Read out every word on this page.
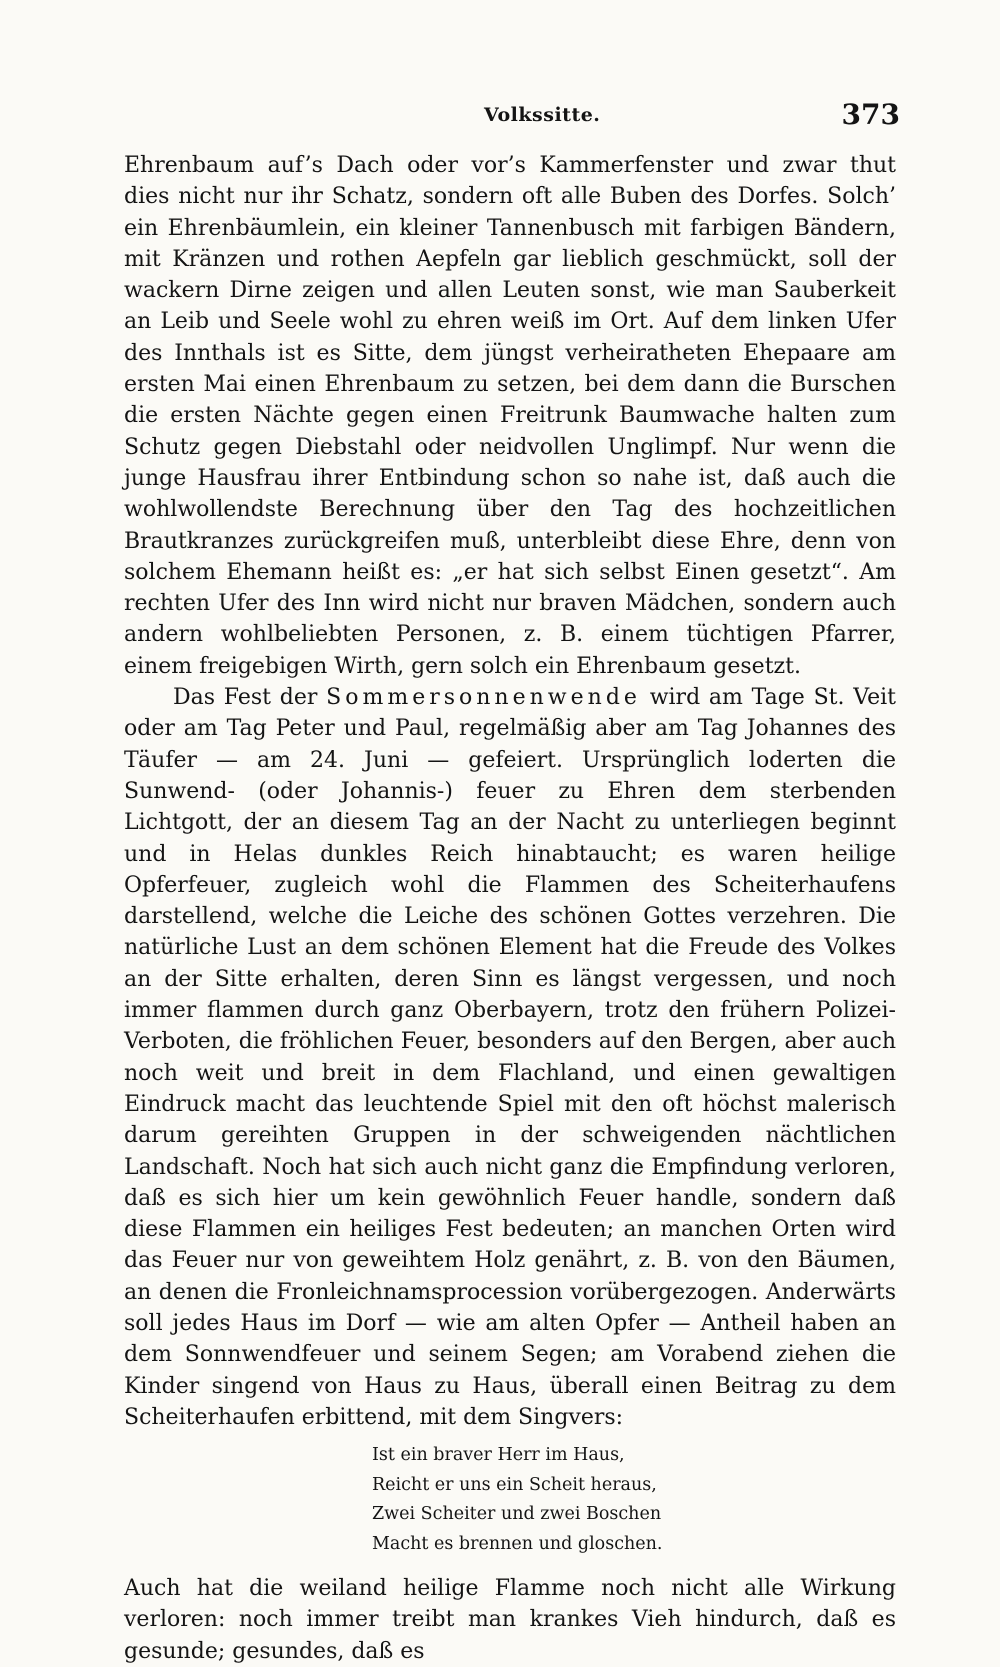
Volkssitte.	373

Ehrenbaum auf’s Dach oder vor’s Kammerfenster und zwar thut dies nicht nur ihr Schatz, sondern oft alle Buben des Dorfes. Solch’ ein Ehrenbäumlein, ein kleiner Tannenbusch mit farbigen Bändern, mit Kränzen und rothen Aepfeln gar lieblich geschmückt, soll der wackern Dirne zeigen und allen Leuten sonst, wie man Sauberkeit an Leib und Seele wohl zu ehren weiß im Ort. Auf dem linken Ufer des Innthals ist es Sitte, dem jüngst verheiratheten Ehepaare am ersten Mai einen Ehrenbaum zu setzen, bei dem dann die Burschen die ersten Nächte gegen einen Freitrunk Baumwache halten zum Schutz gegen Diebstahl oder neidvollen Unglimpf. Nur wenn die junge Hausfrau ihrer Entbindung schon so nahe ist, daß auch die wohlwollendste Berechnung über den Tag des hochzeitlichen Brautkranzes zurückgreifen muß, unterbleibt diese Ehre, denn von solchem Ehemann heißt es: „er hat sich selbst Einen gesetzt“. Am rechten Ufer des Inn wird nicht nur braven Mädchen, sondern auch andern wohlbeliebten Personen, z. B. einem tüchtigen Pfarrer, einem freigebigen Wirth, gern solch ein Ehrenbaum gesetzt.

Das Fest der Sommersonnenwende wird am Tage St. Veit oder am Tag Peter und Paul, regelmäßig aber am Tag Johannes des Täufer — am 24. Juni — gefeiert. Ursprünglich loderten die Sunwend- (oder Johannis-) feuer zu Ehren dem sterbenden Lichtgott, der an diesem Tag an der Nacht zu unterliegen beginnt und in Helas dunkles Reich hinabtaucht; es waren heilige Opferfeuer, zugleich wohl die Flammen des Scheiterhaufens darstellend, welche die Leiche des schönen Gottes verzehren. Die natürliche Lust an dem schönen Element hat die Freude des Volkes an der Sitte erhalten, deren Sinn es längst vergessen, und noch immer flammen durch ganz Oberbayern, trotz den frühern Polizei-Verboten, die fröhlichen Feuer, besonders auf den Bergen, aber auch noch weit und breit in dem Flachland, und einen gewaltigen Eindruck macht das leuchtende Spiel mit den oft höchst malerisch darum gereihten Gruppen in der schweigenden nächtlichen Landschaft. Noch hat sich auch nicht ganz die Empfindung verloren, daß es sich hier um kein gewöhnlich Feuer handle, sondern daß diese Flammen ein heiliges Fest bedeuten; an manchen Orten wird das Feuer nur von geweihtem Holz genährt, z. B. von den Bäumen, an denen die Fronleichnamsprocession vorübergezogen. Anderwärts soll jedes Haus im Dorf — wie am alten Opfer — Antheil haben an dem Sonnwendfeuer und seinem Segen; am Vorabend ziehen die Kinder singend von Haus zu Haus, überall einen Beitrag zu dem Scheiterhaufen erbittend, mit dem Singvers:

Ist ein braver Herr im Haus,
Reicht er uns ein Scheit heraus,
Zwei Scheiter und zwei Boschen
Macht es brennen und gloschen.

Auch hat die weiland heilige Flamme noch nicht alle Wirkung verloren: noch immer treibt man krankes Vieh hindurch, daß es gesunde; gesundes, daß es
